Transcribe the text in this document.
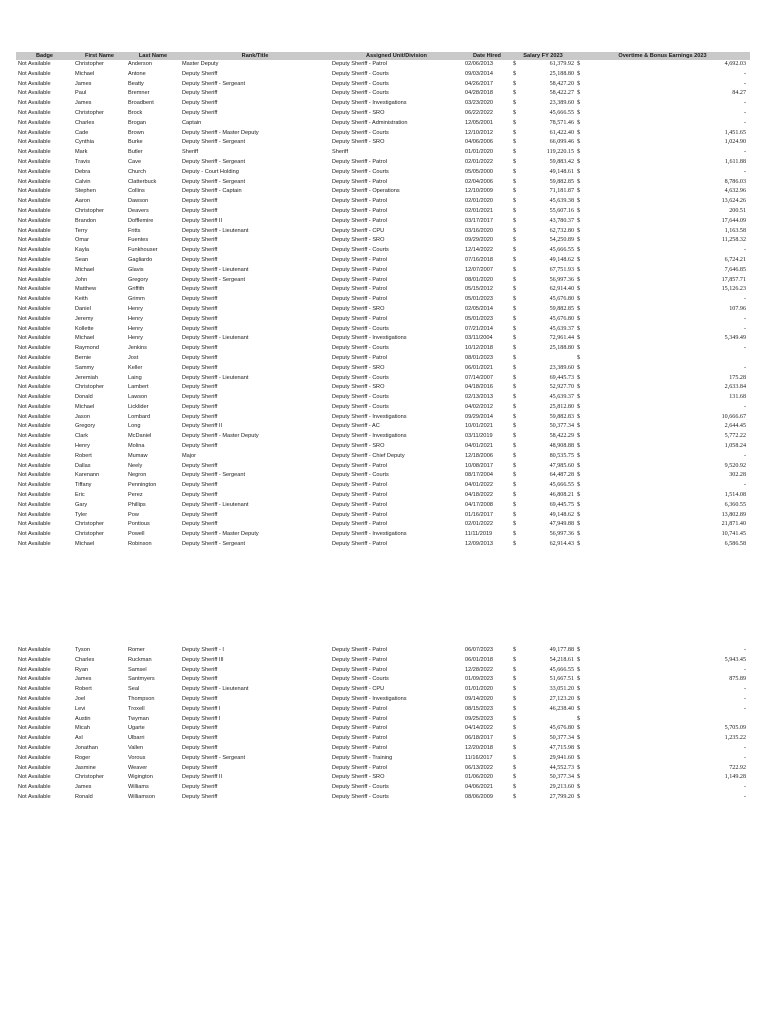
Badge	First Name	Last Name	Rank/Title	Assigned Unit/Division	Date Hired	Salary FY 2023	Overtime & Bonus Earnings 2023
Not Available	Christopher	Anderson	Master Deputy	Deputy Sheriff - Patrol	02/06/2013	$ 61,379.92	$ 4,692.03

Not Available	Michael	Antone	Deputy Sheriff	Deputy Sheriff - Courts	09/03/2014	$ 25,188.80	$ -

Not Available	James	Beatty	Deputy Sheriff - Sergeant	Deputy Sheriff - Courts	04/26/2017	$ 58,427.20	$ -

Not Available	Paul	Bremner	Deputy Sheriff	Deputy Sheriff - Courts	04/28/2018	$ 58,422.27	$ 84.27

Not Available	James	Broadbent	Deputy Sheriff	Deputy Sheriff - Investigations	03/23/2020	$ 23,389.60	$ -

Not Available	Christopher	Brock	Deputy Sheriff	Deputy Sheriff - SRO	06/22/2022	$ 45,666.55	$ -

Not Available	Charles	Brogan	Captain	Deputy Sheriff - Administration	12/05/2001	$ 78,571.46	$ -

Not Available	Cade	Brown	Deputy Sheriff - Master Deputy	Deputy Sheriff - Courts	12/10/2012	$ 61,422.40	$ 1,451.65

Not Available	Cynthia	Burke	Deputy Sheriff - Sergeant	Deputy Sheriff - SRO	04/06/2006	$ 66,099.46	$ 1,024.90

Not Available	Mark	Butler	Sheriff	Sheriff	01/01/2020	$ 119,220.15	$ -

Not Available	Travis	Cave	Deputy Sheriff - Sergeant	Deputy Sheriff - Patrol	02/01/2022	$ 59,883.42	$ 1,611.88

Not Available	Debra	Church	Deputy - Court Holding	Deputy Sheriff - Courts	05/05/2000	$ 49,148.61	$ -

Not Available	Calvin	Clatterbuck	Deputy Sheriff - Sergeant	Deputy Sheriff - Patrol	02/04/2006	$ 59,882.85	$ 8,786.03

Not Available	Stephen	Collins	Deputy Sheriff - Captain	Deputy Sheriff - Operations	12/10/2009	$ 71,181.87	$ 4,632.96

Not Available	Aaron	Dawson	Deputy Sheriff	Deputy Sheriff - Patrol	02/01/2020	$ 45,639.38	$ 13,624.26

Not Available	Christopher	Deavers	Deputy Sheriff	Deputy Sheriff - Patrol	02/01/2021	$ 55,607.16	$ 200.51

Not Available	Brandon	Dofflemire	Deputy Sheriff II	Deputy Sheriff - Patrol	03/17/2017	$ 43,780.37	$ 17,644.09

Not Available	Terry	Fritts	Deputy Sheriff - Lieutenant	Deputy Sheriff - CPU	03/16/2020	$ 62,732.80	$ 1,163.58

Not Available	Omar	Fuentes	Deputy Sheriff	Deputy Sheriff - SRO	09/29/2020	$ 54,250.89	$ 11,258.32

Not Available	Kayla	Funkhouser	Deputy Sheriff	Deputy Sheriff - Courts	12/14/2022	$ 45,666.55	$ -

Not Available	Sean	Gagliardo	Deputy Sheriff	Deputy Sheriff - Patrol	07/16/2018	$ 49,148.62	$ 6,724.21

Not Available	Michael	Glavis	Deputy Sheriff - Lieutenant	Deputy Sheriff - Patrol	12/07/2007	$ 67,751.93	$ 7,646.85

Not Available	John	Gregory	Deputy Sheriff - Sergeant	Deputy Sheriff - Patrol	08/01/2020	$ 56,997.36	$ 17,857.71

Not Available	Matthew	Griffith	Deputy Sheriff	Deputy Sheriff - Patrol	05/15/2012	$ 62,914.40	$ 15,126.23

Not Available	Keith	Grimm	Deputy Sheriff	Deputy Sheriff - Patrol	05/01/2023	$ 45,676.80	$ -

Not Available	Daniel	Henry	Deputy Sheriff	Deputy Sheriff - SRO	02/05/2014	$ 59,882.85	$ 107.96

Not Available	Jeremy	Henry	Deputy Sheriff	Deputy Sheriff - Patrol	05/01/2023	$ 45,676.80	$ -

Not Available	Kollette	Henry	Deputy Sheriff	Deputy Sheriff - Courts	07/21/2014	$ 45,639.37	$ -

Not Available	Michael	Henry	Deputy Sheriff - Lieutenant	Deputy Sheriff - Investigations	03/11/2004	$ 72,961.44	$ 5,349.49

Not Available	Raymond	Jenkins	Deputy Sheriff	Deputy Sheriff - Courts	10/12/2018	$ 25,188.80	$ -

Not Available	Bernie	Jost	Deputy Sheriff	Deputy Sheriff - Patrol	08/01/2023	$	$

Not Available	Sammy	Keller	Deputy Sheriff	Deputy Sheriff - SRO	06/01/2021	$ 23,389.60	$ -

Not Available	Jeremiah	Laing	Deputy Sheriff - Lieutenant	Deputy Sheriff - Courts	07/14/2007	$ 69,445.73	$ 175.28

Not Available	Christopher	Lambert	Deputy Sheriff	Deputy Sheriff - SRO	04/18/2016	$ 52,927.70	$ 2,633.84

Not Available	Donald	Lawson	Deputy Sheriff	Deputy Sheriff - Courts	02/13/2013	$ 45,639.37	$ 131.68

Not Available	Michael	Licklider	Deputy Sheriff	Deputy Sheriff - Courts	04/02/2012	$ 25,812.80	$ -

Not Available	Jason	Lombard	Deputy Sheriff	Deputy Sheriff - Investigations	09/29/2014	$ 59,882.83	$ 10,666.67

Not Available	Gregory	Long	Deputy Sheriff II	Deputy Sheriff - AC	10/01/2021	$ 50,377.34	$ 2,644.45

Not Available	Clark	McDaniel	Deputy Sheriff - Master Deputy	Deputy Sheriff - Investigations	03/11/2019	$ 58,422.29	$ 5,772.22

Not Available	Henry	Molina	Deputy Sheriff	Deputy Sheriff - SRO	04/01/2021	$ 48,908.88	$ 1,058.24

Not Available	Robert	Mumaw	Major	Deputy Sheriff - Chief Deputy	12/18/2006	$ 80,535.75	$ -

Not Available	Dallas	Neely	Deputy Sheriff	Deputy Sheriff - Patrol	10/08/2017	$ 47,985.60	$ 9,520.92

Not Available	Karenann	Negron	Deputy Sheriff - Sergeant	Deputy Sheriff - Courts	08/17/2004	$ 64,487.28	$ 302.28

Not Available	Tiffany	Pennington	Deputy Sheriff	Deputy Sheriff - Patrol	04/01/2022	$ 45,666.55	$ -

Not Available	Eric	Perez	Deputy Sheriff	Deputy Sheriff - Patrol	04/18/2022	$ 46,808.21	$ 1,514.08

Not Available	Gary	Phillips	Deputy Sheriff - Lieutenant	Deputy Sheriff - Patrol	04/17/2008	$ 69,445.75	$ 6,360.55

Not Available	Tyler	Pow	Deputy Sheriff	Deputy Sheriff - Patrol	01/16/2017	$ 49,148.62	$ 13,802.89

Not Available	Christopher	Pontious	Deputy Sheriff	Deputy Sheriff - Patrol	02/01/2022	$ 47,949.88	$ 21,871.40

Not Available	Christopher	Powell	Deputy Sheriff - Master Deputy	Deputy Sheriff - Investigations	11/11/2019	$ 56,997.36	$ 10,741.45

Not Available	Michael	Robinson	Deputy Sheriff - Sergeant	Deputy Sheriff - Patrol	12/09/2013	$ 62,914.43	$ 6,586.58
Not Available	Tyson	Romer	Deputy Sheriff - I	Deputy Sheriff - Patrol	06/07/2023	$ 49,177.88	$ -

Not Available	Charles	Ruckman	Deputy Sheriff III	Deputy Sheriff - Patrol	06/01/2018	$ 54,218.61	$ 5,943.45

Not Available	Ryan	Samsel	Deputy Sheriff	Deputy Sheriff - Patrol	12/28/2022	$ 45,666.55	$ -

Not Available	James	Santmyers	Deputy Sheriff	Deputy Sheriff - Courts	01/09/2023	$ 51,667.51	$ 875.89

Not Available	Robert	Seal	Deputy Sheriff - Lieutenant	Deputy Sheriff - CPU	01/01/2020	$ 33,051.20	$ -

Not Available	Joel	Thompson	Deputy Sheriff	Deputy Sheriff - Investigations	09/14/2020	$ 27,123.20	$ -

Not Available	Levi	Troxell	Deputy Sheriff I	Deputy Sheriff - Patrol	08/15/2023	$ 46,238.40	$ -

Not Available	Austin	Twyman	Deputy Sheriff I	Deputy Sheriff - Patrol	09/25/2023	$	$

Not Available	Micah	Ugarte	Deputy Sheriff	Deputy Sheriff - Patrol	04/14/2022	$ 45,676.80	$ 5,705.09

Not Available	Axl	Ulbarri	Deputy Sheriff	Deputy Sheriff - Patrol	06/18/2017	$ 50,377.34	$ 1,235.22

Not Available	Jonathan	Vallen	Deputy Sheriff	Deputy Sheriff - Patrol	12/20/2018	$ 47,715.98	$ -

Not Available	Roger	Vorous	Deputy Sheriff - Sergeant	Deputy Sheriff - Training	11/16/2017	$ 29,941.60	$ -

Not Available	Jasmine	Weaver	Deputy Sheriff	Deputy Sheriff - Patrol	06/13/2022	$ 44,552.73	$ 722.92

Not Available	Christopher	Wigington	Deputy Sheriff II	Deputy Sheriff - SRO	01/06/2020	$ 50,377.34	$ 1,149.28

Not Available	James	Williams	Deputy Sheriff	Deputy Sheriff - Courts	04/06/2021	$ 29,213.60	$ -

Not Available	Ronald	Williamson	Deputy Sheriff	Deputy Sheriff - Courts	08/06/2009	$ 27,799.20	$ -
